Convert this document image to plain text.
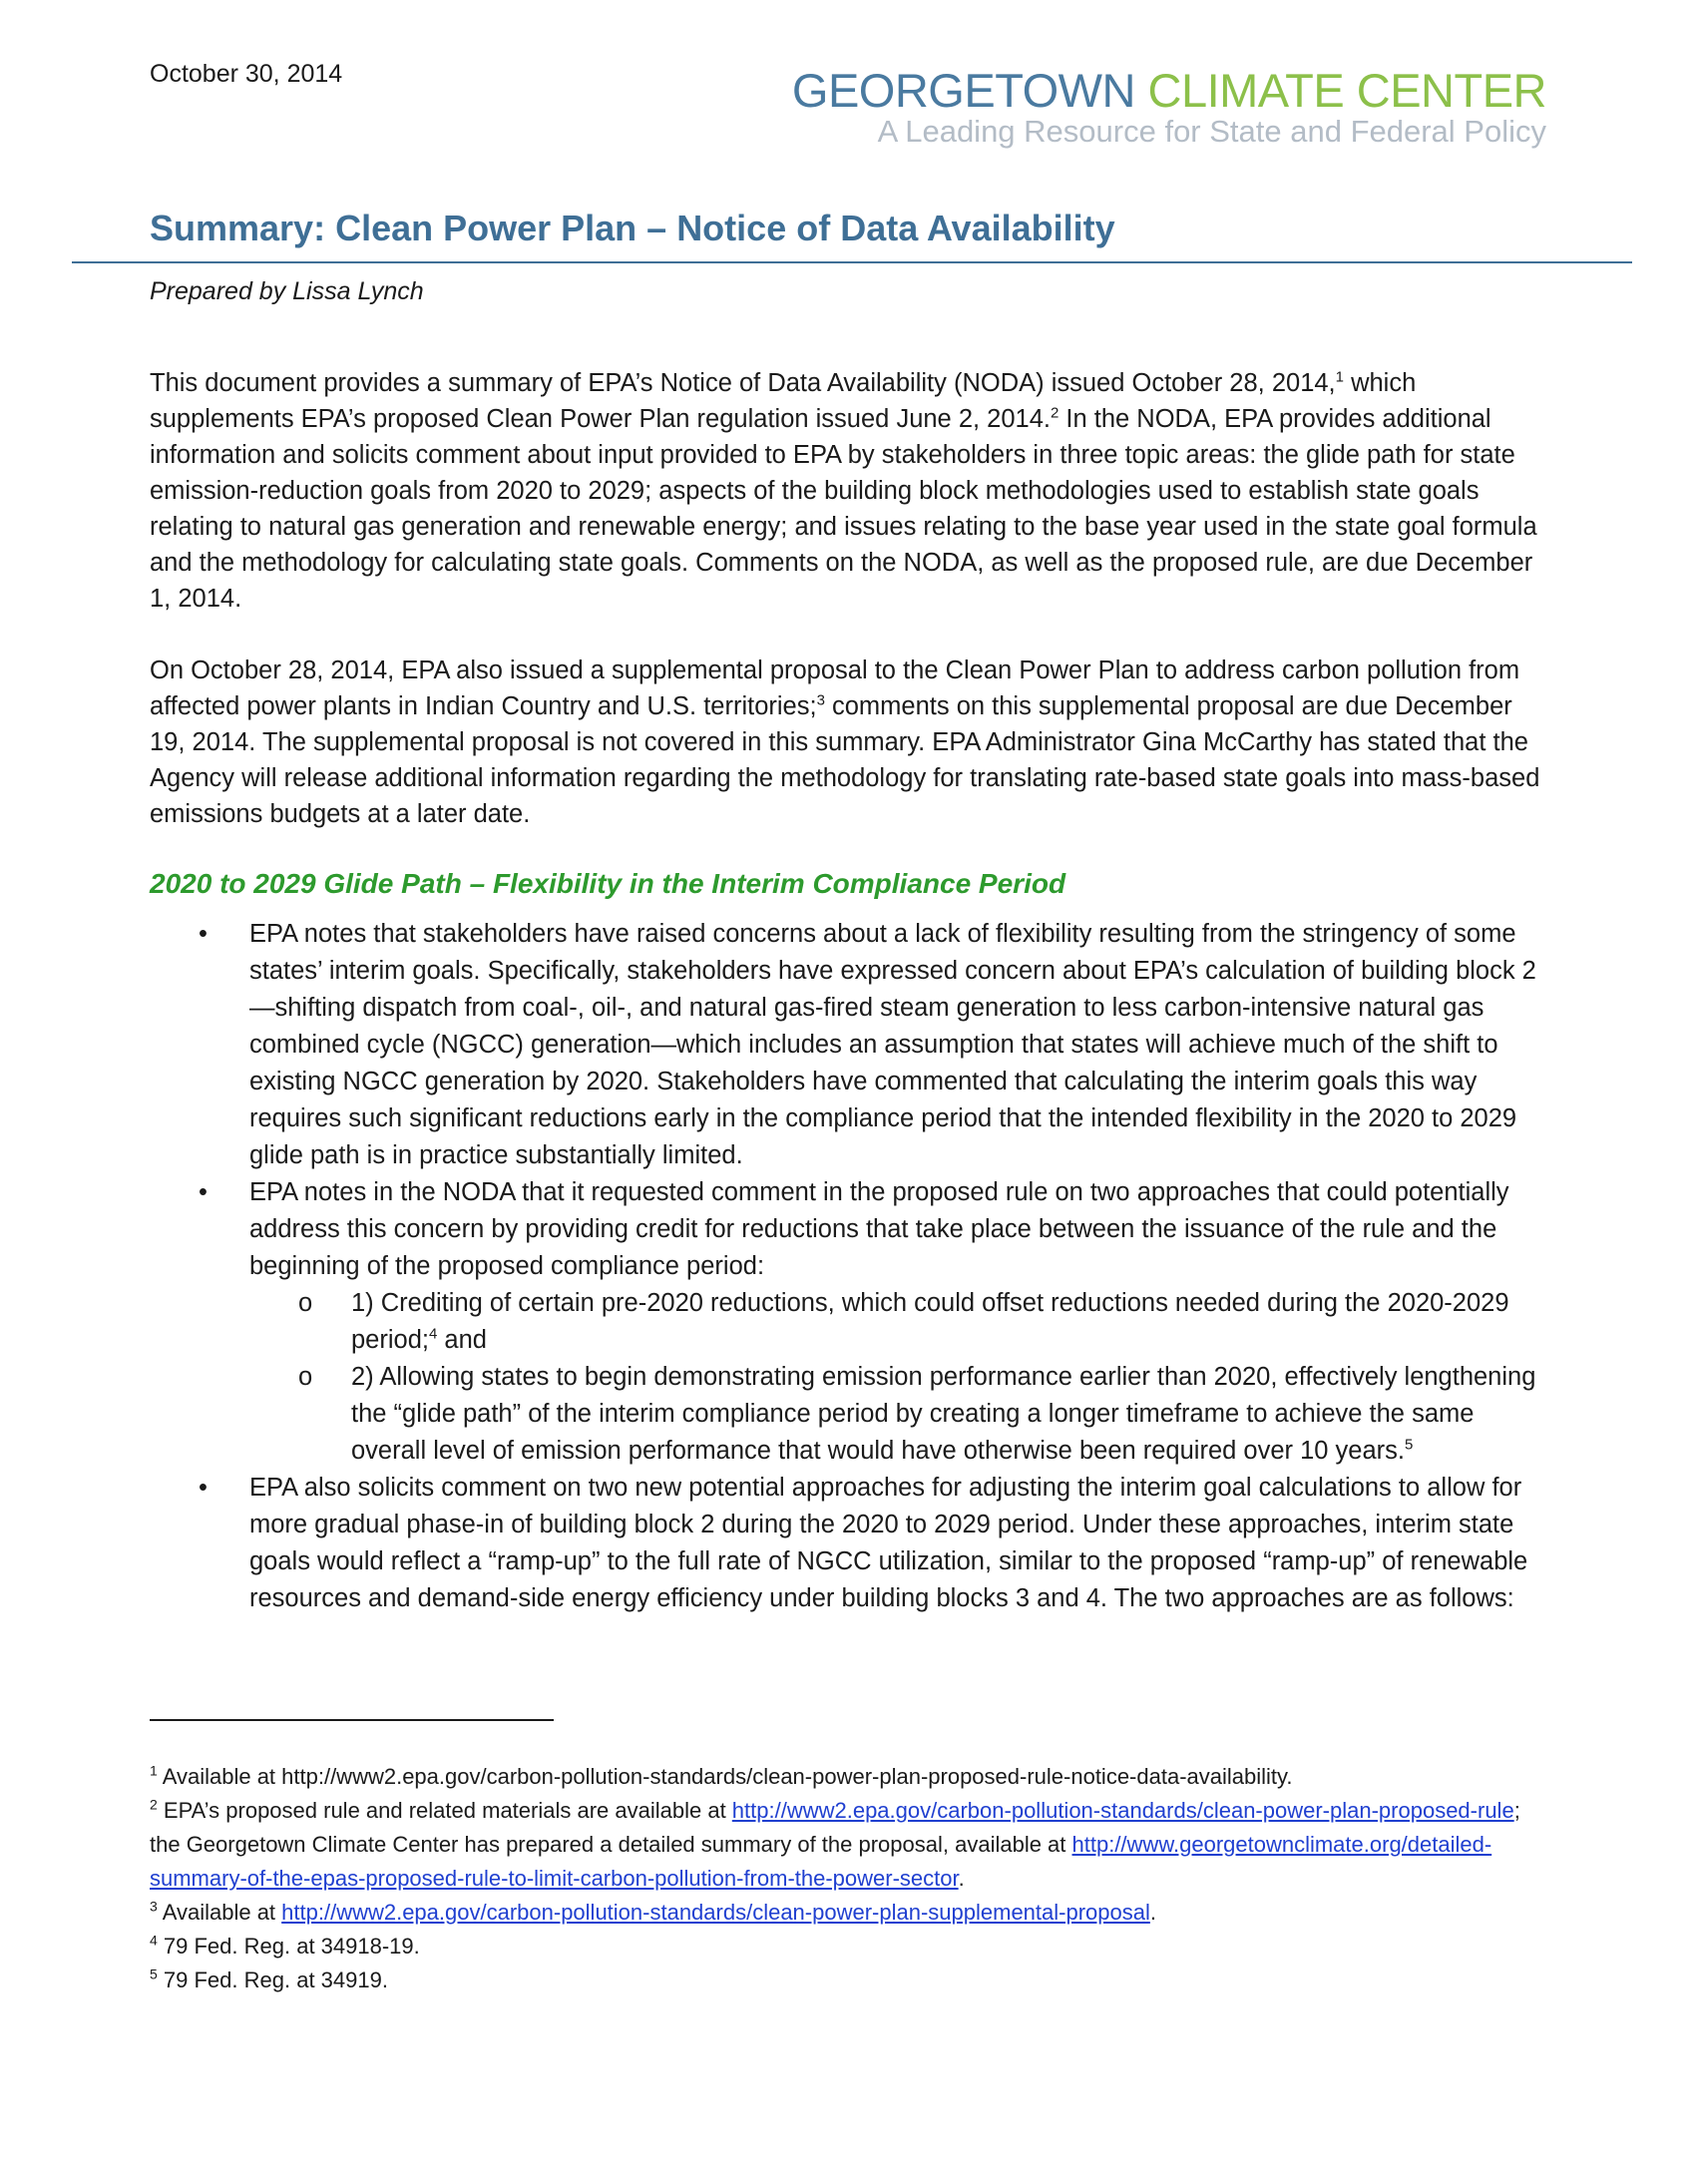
October 30, 2014	GEORGETOWN CLIMATE CENTER
A Leading Resource for State and Federal Policy
Summary: Clean Power Plan – Notice of Data Availability
Prepared by Lissa Lynch

This document provides a summary of EPA’s Notice of Data Availability (NODA) issued October 28, 2014,$^1$ which supplements EPA’s proposed Clean Power Plan regulation issued June 2, 2014.$^2$ In the NODA, EPA provides additional information and solicits comment about input provided to EPA by stakeholders in three topic areas: the glide path for state emission-reduction goals from 2020 to 2029; aspects of the building block methodologies used to establish state goals relating to natural gas generation and renewable energy; and issues relating to the base year used in the state goal formula and the methodology for calculating state goals. Comments on the NODA, as well as the proposed rule, are due December 1, 2014.

On October 28, 2014, EPA also issued a supplemental proposal to the Clean Power Plan to address carbon pollution from affected power plants in Indian Country and U.S. territories;$^3$ comments on this supplemental proposal are due December 19, 2014. The supplemental proposal is not covered in this summary. EPA Administrator Gina McCarthy has stated that the Agency will release additional information regarding the methodology for translating rate-based state goals into mass-based emissions budgets at a later date.

2020 to 2029 Glide Path – Flexibility in the Interim Compliance Period
• EPA notes that stakeholders have raised concerns about a lack of flexibility resulting from the stringency of some states’ interim goals. Specifically, stakeholders have expressed concern about EPA’s calculation of building block 2—shifting dispatch from coal-, oil-, and natural gas-fired steam generation to less carbon-intensive natural gas combined cycle (NGCC) generation—which includes an assumption that states will achieve much of the shift to existing NGCC generation by 2020. Stakeholders have commented that calculating the interim goals this way requires such significant reductions early in the compliance period that the intended flexibility in the 2020 to 2029 glide path is in practice substantially limited.
• EPA notes in the NODA that it requested comment in the proposed rule on two approaches that could potentially address this concern by providing credit for reductions that take place between the issuance of the rule and the beginning of the proposed compliance period:
o 1) Crediting of certain pre-2020 reductions, which could offset reductions needed during the 2020-2029 period;$^4$ and
o 2) Allowing states to begin demonstrating emission performance earlier than 2020, effectively lengthening the “glide path” of the interim compliance period by creating a longer timeframe to achieve the same overall level of emission performance that would have otherwise been required over 10 years.$^5$
• EPA also solicits comment on two new potential approaches for adjusting the interim goal calculations to allow for more gradual phase-in of building block 2 during the 2020 to 2029 period. Under these approaches, interim state goals would reflect a “ramp-up” to the full rate of NGCC utilization, similar to the proposed “ramp-up” of renewable resources and demand-side energy efficiency under building blocks 3 and 4. The two approaches are as follows:
$^1$ Available at http://www2.epa.gov/carbon-pollution-standards/clean-power-plan-proposed-rule-notice-data-availability.
$^2$ EPA’s proposed rule and related materials are available at http://www2.epa.gov/carbon-pollution-standards/clean-power-plan-proposed-rule; the Georgetown Climate Center has prepared a detailed summary of the proposal, available at http://www.georgetownclimate.org/detailed-summary-of-the-epas-proposed-rule-to-limit-carbon-pollution-from-the-power-sector.
$^3$ Available at http://www2.epa.gov/carbon-pollution-standards/clean-power-plan-supplemental-proposal.
$^4$ 79 Fed. Reg. at 34918-19.
$^5$ 79 Fed. Reg. at 34919.
